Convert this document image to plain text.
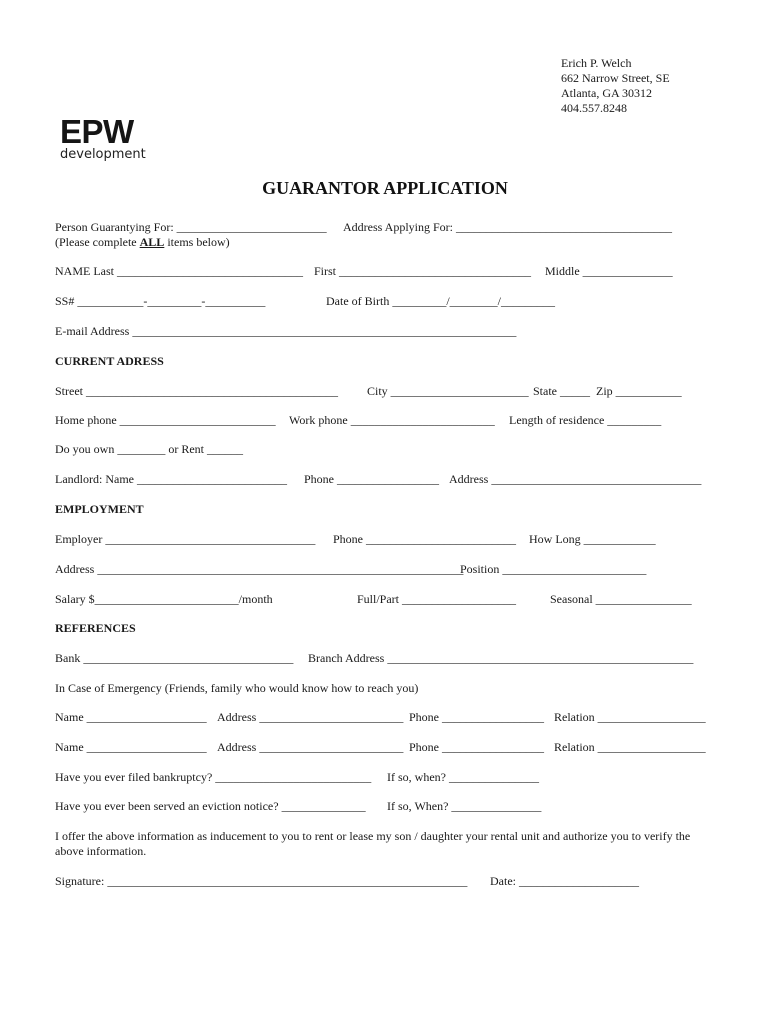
Erich P. Welch
662 Narrow Street, SE
Atlanta, GA 30312
404.557.8248
EPW
development
GUARANTOR APPLICATION
Person Guarantying For: _________________________ Address Applying For: ____________________________________
(Please complete ALL items below)
NAME Last _______________________________ First ________________________________ Middle _______________
SS# ___________-_________-__________	Date of Birth _________/________/_________
E-mail Address ________________________________________________________________
CURRENT ADRESS
Street __________________________________________ City _______________________ State _____ Zip ___________
Home phone __________________________ Work phone ________________________ Length of residence _________
Do you own ________ or Rent ______
Landlord: Name _________________________ Phone _________________ Address ___________________________________
EMPLOYMENT
Employer ___________________________________ Phone _________________________ How Long ____________
Address _____________________________________________________________
Position ________________________
Salary $________________________/month	Full/Part ___________________	Seasonal ________________
REFERENCES
Bank ___________________________________ Branch Address ___________________________________________________
In Case of Emergency (Friends, family who would know how to reach you)
Name ____________________ Address ________________________ Phone _________________ Relation __________________
Name ____________________ Address ________________________ Phone _________________ Relation __________________
Have you ever filed bankruptcy? __________________________ If so, when? _______________
Have you ever been served an eviction notice? ______________ If so, When? _______________
I offer the above information as inducement to you to rent or lease my son / daughter your rental unit and authorize you to verify the above information.
Signature: ____________________________________________________________ Date: ____________________
